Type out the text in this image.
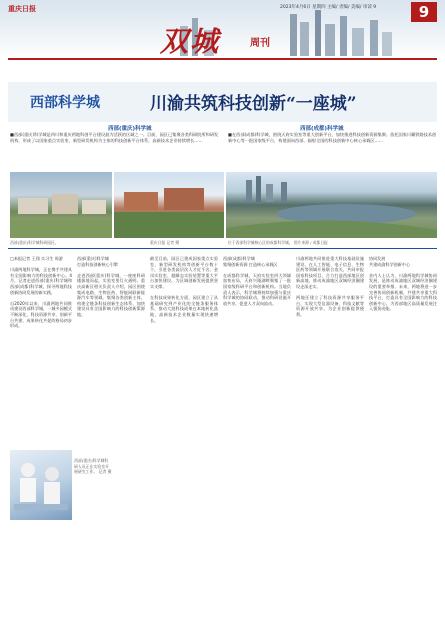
重庆日报	2023年4月6日 星期四 主编/ 责编/ 美编/ 审读 9	9
双城	周刊
西部科学城	川渝共筑科技创新“一座城”
西部(重庆)科学城	西部(成都)科学城

■西部(重庆)科学城是四川和重庆两地科创平台建设最为活跃的区域之一。目前，园区已集聚各类科研院所和研发机构，形成了以国家重点实验室、新型研发机构为主体的科技创新平台体系，高新技术企业持续增长……

■在西部(成都)科学城，围绕天府实验室等重大创新平台，加快推进科技创新资源集聚。依托国家川藏铁路技术创新中心等一批国家级平台，构建面向西部、辐射全国的科技创新中心核心承载区……

西部(重庆)科学城科研园区。	重庆日报 记者 摄	位于西部科学城核心区的成都科学城。 图片来源 / 成都日报

□本报记者 王翔 实习生 周游

川渝两地科学城，正在携手共建具有全国影响力的科技创新中心。4月，记者走进西部(重庆)科学城和西部(成都)科学城，探寻两地科技创新协同发展的新实践。

自2020年以来，川渝两地共同推动建设西部科学城，一城多园模式不断深化，科技资源共享、创新平台共建、成果转化共促的格局初步形成。

西部(重庆)科学城
打造科技创新核心引擎

走进西部(重庆)科学城，一座座科研楼拔地而起，实验室里灯火通明。重庆高新区相关负责人介绍，园区围绕集成电路、生物医药、智能网联新能源汽车等领域，集聚各类创新主体，构建全链条科技创新生态体系，加快建设具有全国影响力的科技创新策源地。

截至目前，园区已建成国家重点实验室、新型研发机构等创新平台数十个，引进各类高层次人才近千名。金凤实验室、超瞬态实验装置等重大平台加快建设，为区域创新发展提供坚实支撑。

在科技成果转化方面，园区建立了从基础研究到产业化的全链条服务体系，推动大批科技成果在本地转化落地，高新技术企业数量实现快速增长。

西部(成都)科学城
集聚创新资源 打造核心承载区

在成都科学城，天府实验室四大领域加快布局，天府兴隆湖畔聚集了一批国家级科研平台和创新机构。当地负责人表示，科学城将持续加强与重庆科学城的协同联动，推动科研设施开放共享，促进人才双向流动。

川渝两地共同推进重大科技基础设施建设，在人工智能、电子信息、生物医药等领域开展联合攻关，共同申报国家科技项目，合力打造西部地区创新高地，推动成渝地区双城经济圈建设走深走实。

两地还建立了科技资源共享服务平台，实现大型仪器设备、科技文献等资源开放共享，为企业创新提供便利。

协同发展
共建成渝科学创新中心

业内人士认为，川渝两地科学城协同发展，是推动成渝地区双城经济圈建设的重要举措。未来，两地将进一步完善协同创新机制，共建共享重大科技平台，打造具有全国影响力的科技创新中心，为西部地区高质量发展注入强劲动能。

西部(重庆)科学城科研人员正在实验室开展研究工作。 记者 摄
